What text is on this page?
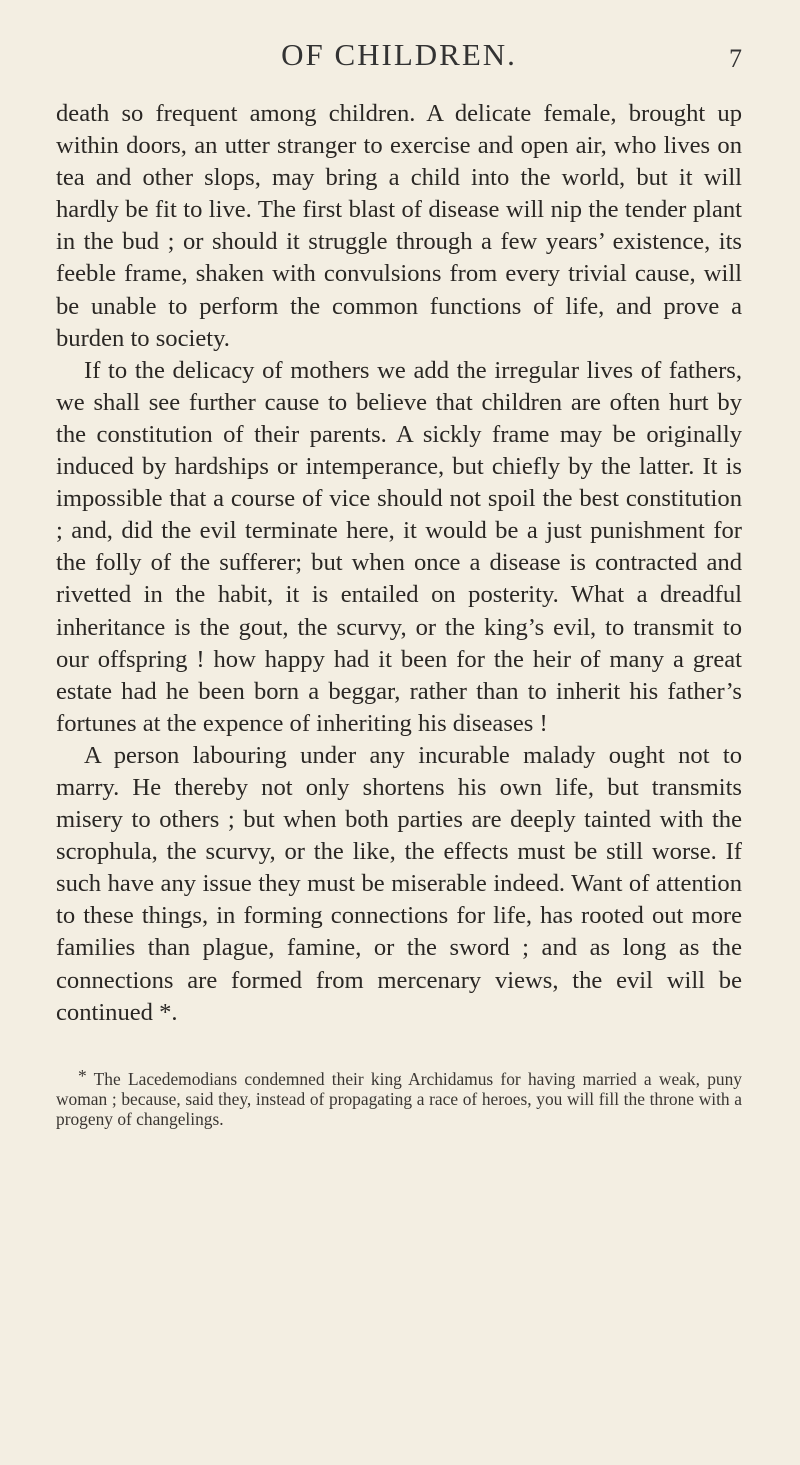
OF CHILDREN.	7

death so frequent among children. A delicate female, brought up within doors, an utter stranger to exercise and open air, who lives on tea and other slops, may bring a child into the world, but it will hardly be fit to live. The first blast of disease will nip the tender plant in the bud ; or should it struggle through a few years’ existence, its feeble frame, shaken with convulsions from every trivial cause, will be unable to perform the common functions of life, and prove a burden to society.

If to the delicacy of mothers we add the irregular lives of fathers, we shall see further cause to believe that children are often hurt by the constitution of their parents. A sickly frame may be originally induced by hardships or intemperance, but chiefly by the latter. It is impossible that a course of vice should not spoil the best constitution ; and, did the evil terminate here, it would be a just punishment for the folly of the sufferer; but when once a disease is contracted and rivetted in the habit, it is entailed on posterity. What a dreadful inheritance is the gout, the scurvy, or the king’s evil, to transmit to our offspring ! how happy had it been for the heir of many a great estate had he been born a beggar, rather than to inherit his father’s fortunes at the expence of inheriting his diseases !

A person labouring under any incurable malady ought not to marry. He thereby not only shortens his own life, but transmits misery to others ; but when both parties are deeply tainted with the scrophula, the scurvy, or the like, the effects must be still worse. If such have any issue they must be miserable indeed. Want of attention to these things, in forming connections for life, has rooted out more families than plague, famine, or the sword ; and as long as the connections are formed from mercenary views, the evil will be continued *.

* The Lacedemodians condemned their king Archidamus for having married a weak, puny woman ; because, said they, instead of propagating a race of heroes, you will fill the throne with a progeny of changelings.
